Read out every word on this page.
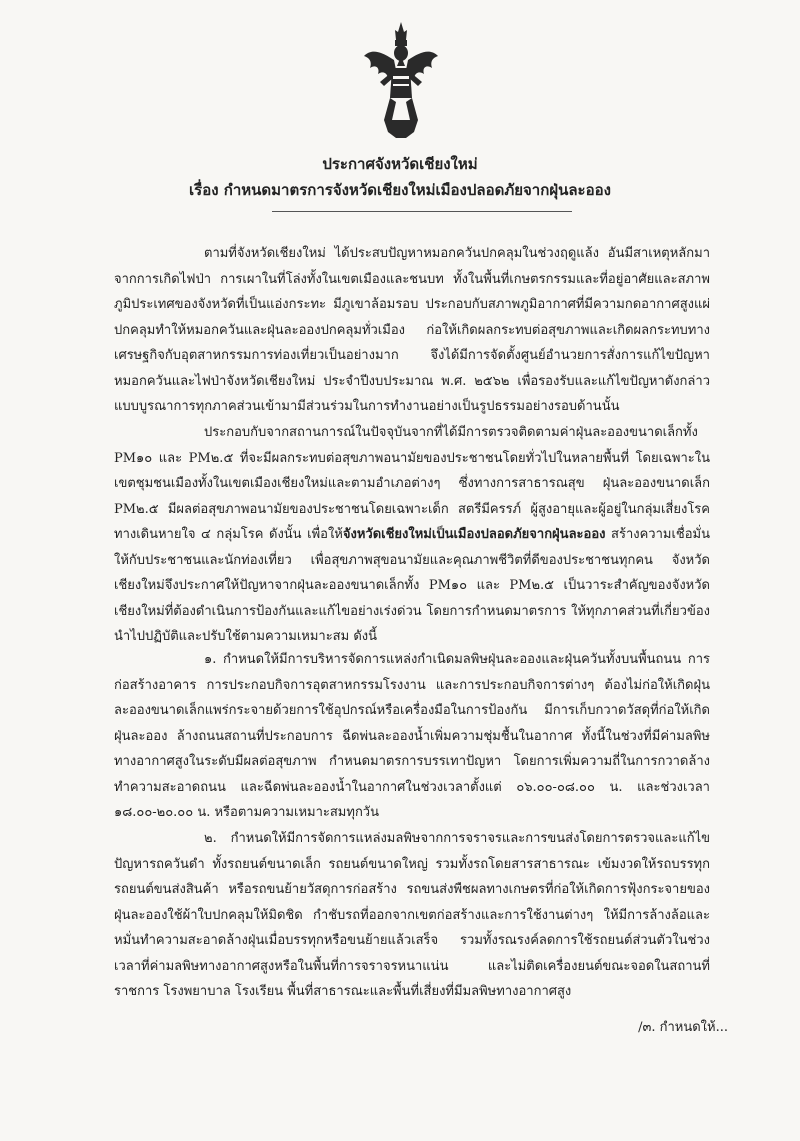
ประกาศจังหวัดเชียงใหม่
เรื่อง กำหนดมาตรการจังหวัดเชียงใหม่เมืองปลอดภัยจากฝุ่นละออง

ตามที่จังหวัดเชียงใหม่ ได้ประสบปัญหาหมอกควันปกคลุมในช่วงฤดูแล้ง อันมีสาเหตุหลักมาจากการเกิดไฟป่า การเผาในที่โล่งทั้งในเขตเมืองและชนบท ทั้งในพื้นที่เกษตรกรรมและที่อยู่อาศัยและสภาพภูมิประเทศของจังหวัดที่เป็นแอ่งกระทะ มีภูเขาล้อมรอบ ประกอบกับสภาพภูมิอากาศที่มีความกดอากาศสูงแผ่ปกคลุมทำให้หมอกควันและฝุ่นละอองปกคลุมทั่วเมือง ก่อให้เกิดผลกระทบต่อสุขภาพและเกิดผลกระทบทางเศรษฐกิจกับอุตสาหกรรมการท่องเที่ยวเป็นอย่างมาก จึงได้มีการจัดตั้งศูนย์อำนวยการสั่งการแก้ไขปัญหาหมอกควันและไฟป่าจังหวัดเชียงใหม่ ประจำปีงบประมาณ พ.ศ. ๒๕๖๒ เพื่อรองรับและแก้ไขปัญหาดังกล่าวแบบบูรณาการทุกภาคส่วนเข้ามามีส่วนร่วมในการทำงานอย่างเป็นรูปธรรมอย่างรอบด้านนั้น

ประกอบกับจากสถานการณ์ในปัจจุบันจากที่ได้มีการตรวจติดตามค่าฝุ่นละอองขนาดเล็กทั้ง PM๑๐ และ PM๒.๕ ที่จะมีผลกระทบต่อสุขภาพอนามัยของประชาชนโดยทั่วไปในหลายพื้นที่ โดยเฉพาะในเขตชุมชนเมืองทั้งในเขตเมืองเชียงใหม่และตามอำเภอต่างๆ ซึ่งทางการสาธารณสุข ฝุ่นละอองขนาดเล็ก PM๒.๕ มีผลต่อสุขภาพอนามัยของประชาชนโดยเฉพาะเด็ก สตรีมีครรภ์ ผู้สูงอายุและผู้อยู่ในกลุ่มเสี่ยงโรคทางเดินหายใจ ๔ กลุ่มโรค ดังนั้น เพื่อให้จังหวัดเชียงใหม่เป็นเมืองปลอดภัยจากฝุ่นละออง สร้างความเชื่อมั่นให้กับประชาชนและนักท่องเที่ยว เพื่อสุขภาพสุขอนามัยและคุณภาพชีวิตที่ดีของประชาชนทุกคน จังหวัดเชียงใหม่จึงประกาศให้ปัญหาจากฝุ่นละอองขนาดเล็กทั้ง PM๑๐ และ PM๒.๕ เป็นวาระสำคัญของจังหวัดเชียงใหม่ที่ต้องดำเนินการป้องกันและแก้ไขอย่างเร่งด่วน โดยการกำหนดมาตรการ ให้ทุกภาคส่วนที่เกี่ยวข้องนำไปปฏิบัติและปรับใช้ตามความเหมาะสม ดังนี้

๑. กำหนดให้มีการบริหารจัดการแหล่งกำเนิดมลพิษฝุ่นละอองและฝุ่นควันทั้งบนพื้นถนน การก่อสร้างอาคาร การประกอบกิจการอุตสาหกรรมโรงงาน และการประกอบกิจการต่างๆ ต้องไม่ก่อให้เกิดฝุ่นละอองขนาดเล็กแพร่กระจายด้วยการใช้อุปกรณ์หรือเครื่องมือในการป้องกัน มีการเก็บกวาดวัสดุที่ก่อให้เกิดฝุ่นละออง ล้างถนนสถานที่ประกอบการ ฉีดพ่นละอองน้ำเพิ่มความชุ่มชื้นในอากาศ ทั้งนี้ในช่วงที่มีค่ามลพิษทางอากาศสูงในระดับมีผลต่อสุขภาพ กำหนดมาตรการบรรเทาปัญหา โดยการเพิ่มความถี่ในการกวาดล้างทำความสะอาดถนน และฉีดพ่นละอองน้ำในอากาศในช่วงเวลาตั้งแต่ ๐๖.๐๐-๐๘.๐๐ น. และช่วงเวลา ๑๘.๐๐-๒๐.๐๐ น. หรือตามความเหมาะสมทุกวัน

๒. กำหนดให้มีการจัดการแหล่งมลพิษจากการจราจรและการขนส่งโดยการตรวจและแก้ไขปัญหารถควันดำ ทั้งรถยนต์ขนาดเล็ก รถยนต์ขนาดใหญ่ รวมทั้งรถโดยสารสาธารณะ เข้มงวดให้รถบรรทุกรถยนต์ขนส่งสินค้า หรือรถขนย้ายวัสดุการก่อสร้าง รถขนส่งพืชผลทางเกษตรที่ก่อให้เกิดการฟุ้งกระจายของฝุ่นละอองใช้ผ้าใบปกคลุมให้มิดชิด กำชับรถที่ออกจากเขตก่อสร้างและการใช้งานต่างๆ ให้มีการล้างล้อและหมั่นทำความสะอาดล้างฝุ่นเมื่อบรรทุกหรือขนย้ายแล้วเสร็จ รวมทั้งรณรงค์ลดการใช้รถยนต์ส่วนตัวในช่วงเวลาที่ค่ามลพิษทางอากาศสูงหรือในพื้นที่การจราจรหนาแน่น และไม่ติดเครื่องยนต์ขณะจอดในสถานที่ราชการ โรงพยาบาล โรงเรียน พื้นที่สาธารณะและพื้นที่เสี่ยงที่มีมลพิษทางอากาศสูง

/๓. กำหนดให้...
